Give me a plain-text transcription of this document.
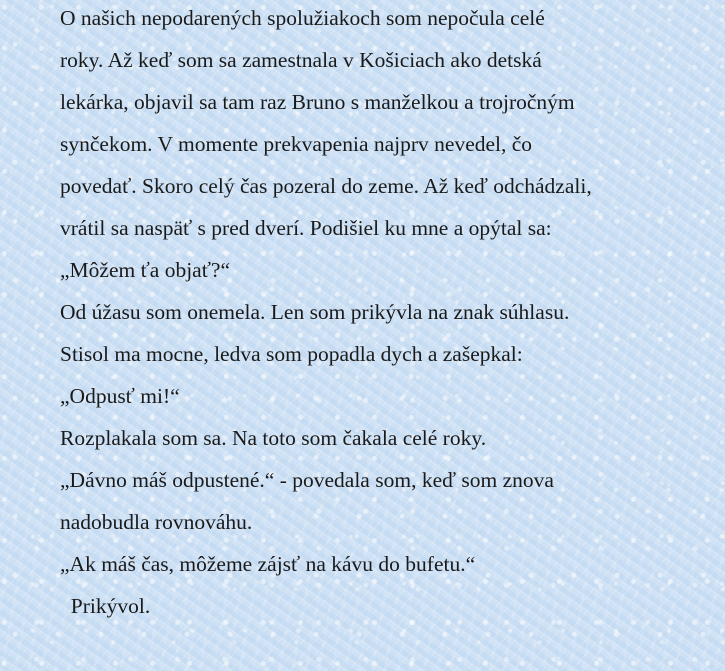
O našich nepodarených spolužiakoch som nepočula celé
roky. Až keď som sa zamestnala v Košiciach ako detská
lekárka, objavil sa tam raz Bruno s manželkou a trojročným
synčekom. V momente prekvapenia najprv nevedel, čo
povedať. Skoro celý čas pozeral do zeme. Až keď odchádzali,
vrátil sa naspäť s pred dverí. Podišiel ku mne a opýtal sa:
„Môžem ťa objať?“
Od úžasu som onemela. Len som prikývla na znak súhlasu.
Stisol ma mocne, ledva som popadla dych a zašepkal:
„Odpusť mi!“
Rozplakala som sa. Na toto som čakala celé roky.
„Dávno máš odpustené.“ - povedala som, keď som znova
nadobudla rovnováhu.
„Ak máš čas, môžeme zájsť na kávu do bufetu.“
Prikývol.
